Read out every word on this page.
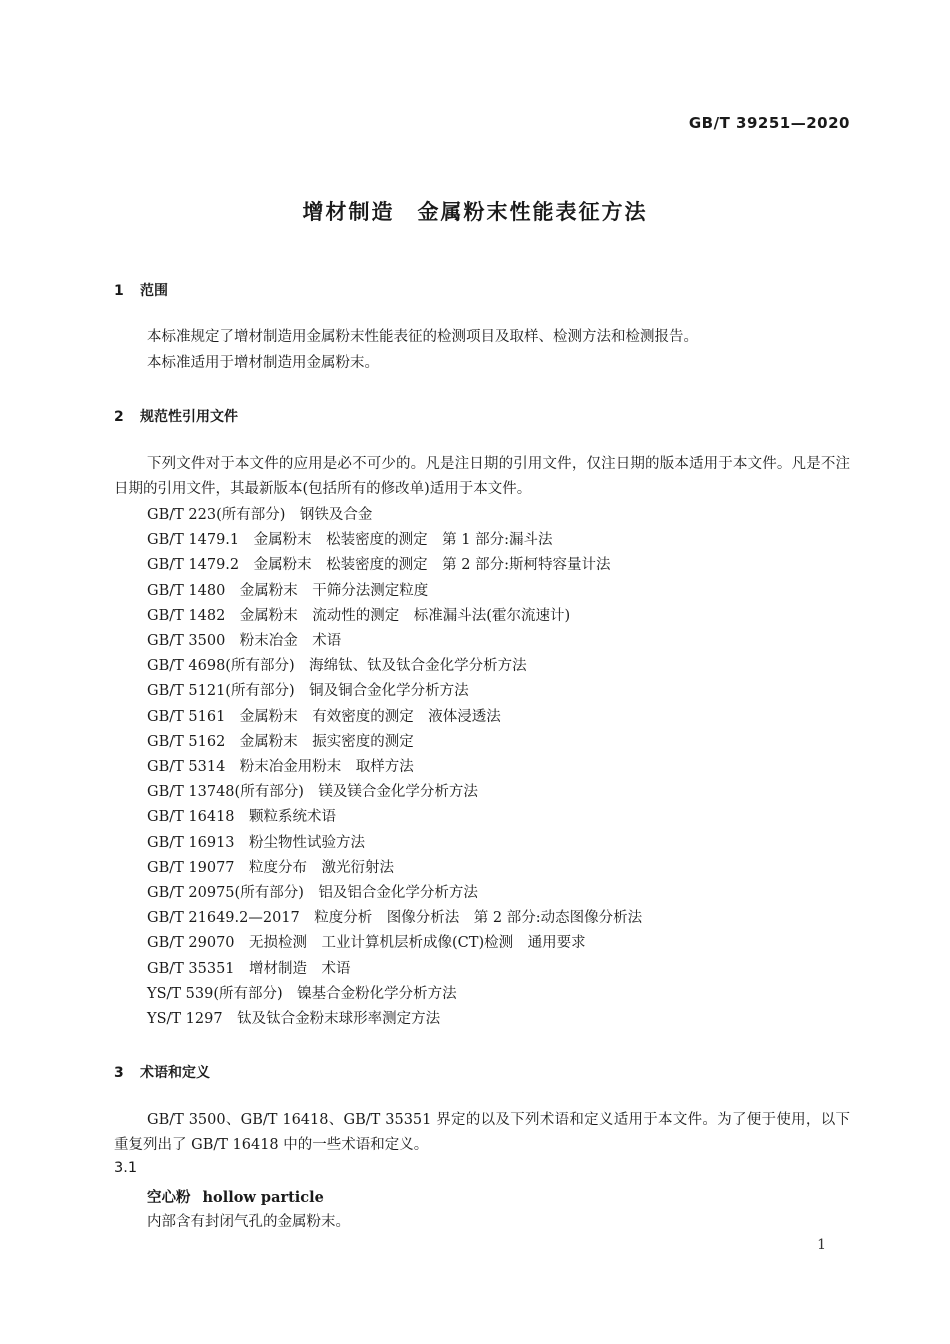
GB/T 39251—2020
增材制造　金属粉末性能表征方法
1 范围
本标准规定了增材制造用金属粉末性能表征的检测项目及取样、检测方法和检测报告。
本标准适用于增材制造用金属粉末。
2 规范性引用文件
下列文件对于本文件的应用是必不可少的。凡是注日期的引用文件，仅注日期的版本适用于本文件。凡是不注日期的引用文件，其最新版本(包括所有的修改单)适用于本文件。
GB/T 223(所有部分)　钢铁及合金
GB/T 1479.1　金属粉末　松装密度的测定　第 1 部分:漏斗法
GB/T 1479.2　金属粉末　松装密度的测定　第 2 部分:斯柯特容量计法
GB/T 1480　金属粉末　干筛分法测定粒度
GB/T 1482　金属粉末　流动性的测定　标准漏斗法(霍尔流速计)
GB/T 3500　粉末冶金　术语
GB/T 4698(所有部分)　海绵钛、钛及钛合金化学分析方法
GB/T 5121(所有部分)　铜及铜合金化学分析方法
GB/T 5161　金属粉末　有效密度的测定　液体浸透法
GB/T 5162　金属粉末　振实密度的测定
GB/T 5314　粉末冶金用粉末　取样方法
GB/T 13748(所有部分)　镁及镁合金化学分析方法
GB/T 16418　颗粒系统术语
GB/T 16913　粉尘物性试验方法
GB/T 19077　粒度分布　激光衍射法
GB/T 20975(所有部分)　铝及铝合金化学分析方法
GB/T 21649.2—2017　粒度分析　图像分析法　第 2 部分:动态图像分析法
GB/T 29070　无损检测　工业计算机层析成像(CT)检测　通用要求
GB/T 35351　增材制造　术语
YS/T 539(所有部分)　镍基合金粉化学分析方法
YS/T 1297　钛及钛合金粉末球形率测定方法
3 术语和定义
GB/T 3500、GB/T 16418、GB/T 35351 界定的以及下列术语和定义适用于本文件。为了便于使用，以下重复列出了 GB/T 16418 中的一些术语和定义。
3.1
空心粉 hollow particle
内部含有封闭气孔的金属粉末。
1
